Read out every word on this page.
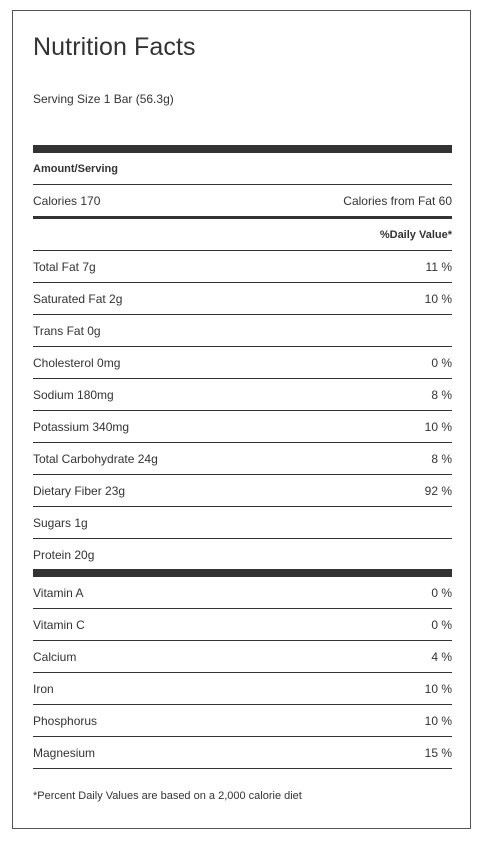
Nutrition Facts
Serving Size 1 Bar (56.3g)
Amount/Serving
Calories 170	Calories from Fat 60
%Daily Value*
Total Fat 7g	11 %
Saturated Fat 2g	10 %
Trans Fat 0g
Cholesterol 0mg	0 %
Sodium 180mg	8 %
Potassium 340mg	10 %
Total Carbohydrate 24g	8 %
Dietary Fiber 23g	92 %
Sugars 1g
Protein 20g
Vitamin A	0 %
Vitamin C	0 %
Calcium	4 %
Iron	10 %
Phosphorus	10 %
Magnesium	15 %
*Percent Daily Values are based on a 2,000 calorie diet
